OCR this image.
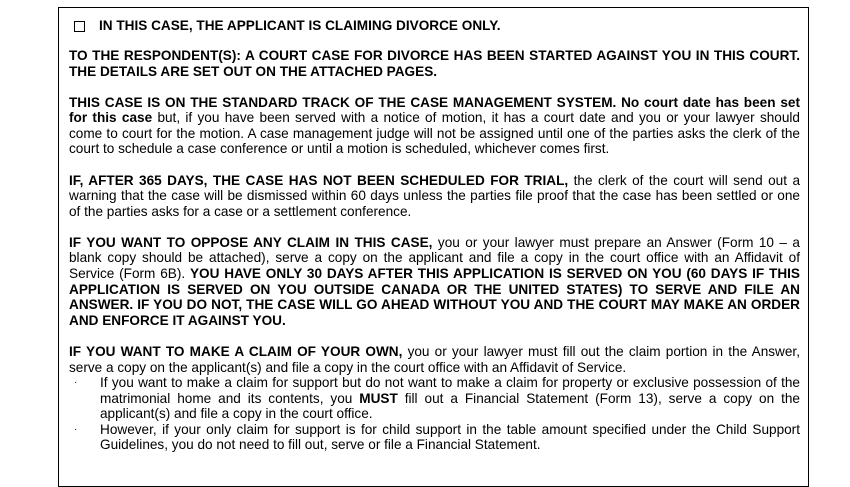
IN THIS CASE, THE APPLICANT IS CLAIMING DIVORCE ONLY.

TO THE RESPONDENT(S): A COURT CASE FOR DIVORCE HAS BEEN STARTED AGAINST YOU IN THIS COURT. THE DETAILS ARE SET OUT ON THE ATTACHED PAGES.

THIS CASE IS ON THE STANDARD TRACK OF THE CASE MANAGEMENT SYSTEM. No court date has been set for this case but, if you have been served with a notice of motion, it has a court date and you or your lawyer should come to court for the motion. A case management judge will not be assigned until one of the parties asks the clerk of the court to schedule a case conference or until a motion is scheduled, whichever comes first.

IF, AFTER 365 DAYS, THE CASE HAS NOT BEEN SCHEDULED FOR TRIAL, the clerk of the court will send out a warning that the case will be dismissed within 60 days unless the parties file proof that the case has been settled or one of the parties asks for a case or a settlement conference.

IF YOU WANT TO OPPOSE ANY CLAIM IN THIS CASE, you or your lawyer must prepare an Answer (Form 10 – a blank copy should be attached), serve a copy on the applicant and file a copy in the court office with an Affidavit of Service (Form 6B). YOU HAVE ONLY 30 DAYS AFTER THIS APPLICATION IS SERVED ON YOU (60 DAYS IF THIS APPLICATION IS SERVED ON YOU OUTSIDE CANADA OR THE UNITED STATES) TO SERVE AND FILE AN ANSWER. IF YOU DO NOT, THE CASE WILL GO AHEAD WITHOUT YOU AND THE COURT MAY MAKE AN ORDER AND ENFORCE IT AGAINST YOU.

IF YOU WANT TO MAKE A CLAIM OF YOUR OWN, you or your lawyer must fill out the claim portion in the Answer, serve a copy on the applicant(s) and file a copy in the court office with an Affidavit of Service.

· If you want to make a claim for support but do not want to make a claim for property or exclusive possession of the matrimonial home and its contents, you MUST fill out a Financial Statement (Form 13), serve a copy on the applicant(s) and file a copy in the court office.
· However, if your only claim for support is for child support in the table amount specified under the Child Support Guidelines, you do not need to fill out, serve or file a Financial Statement.
